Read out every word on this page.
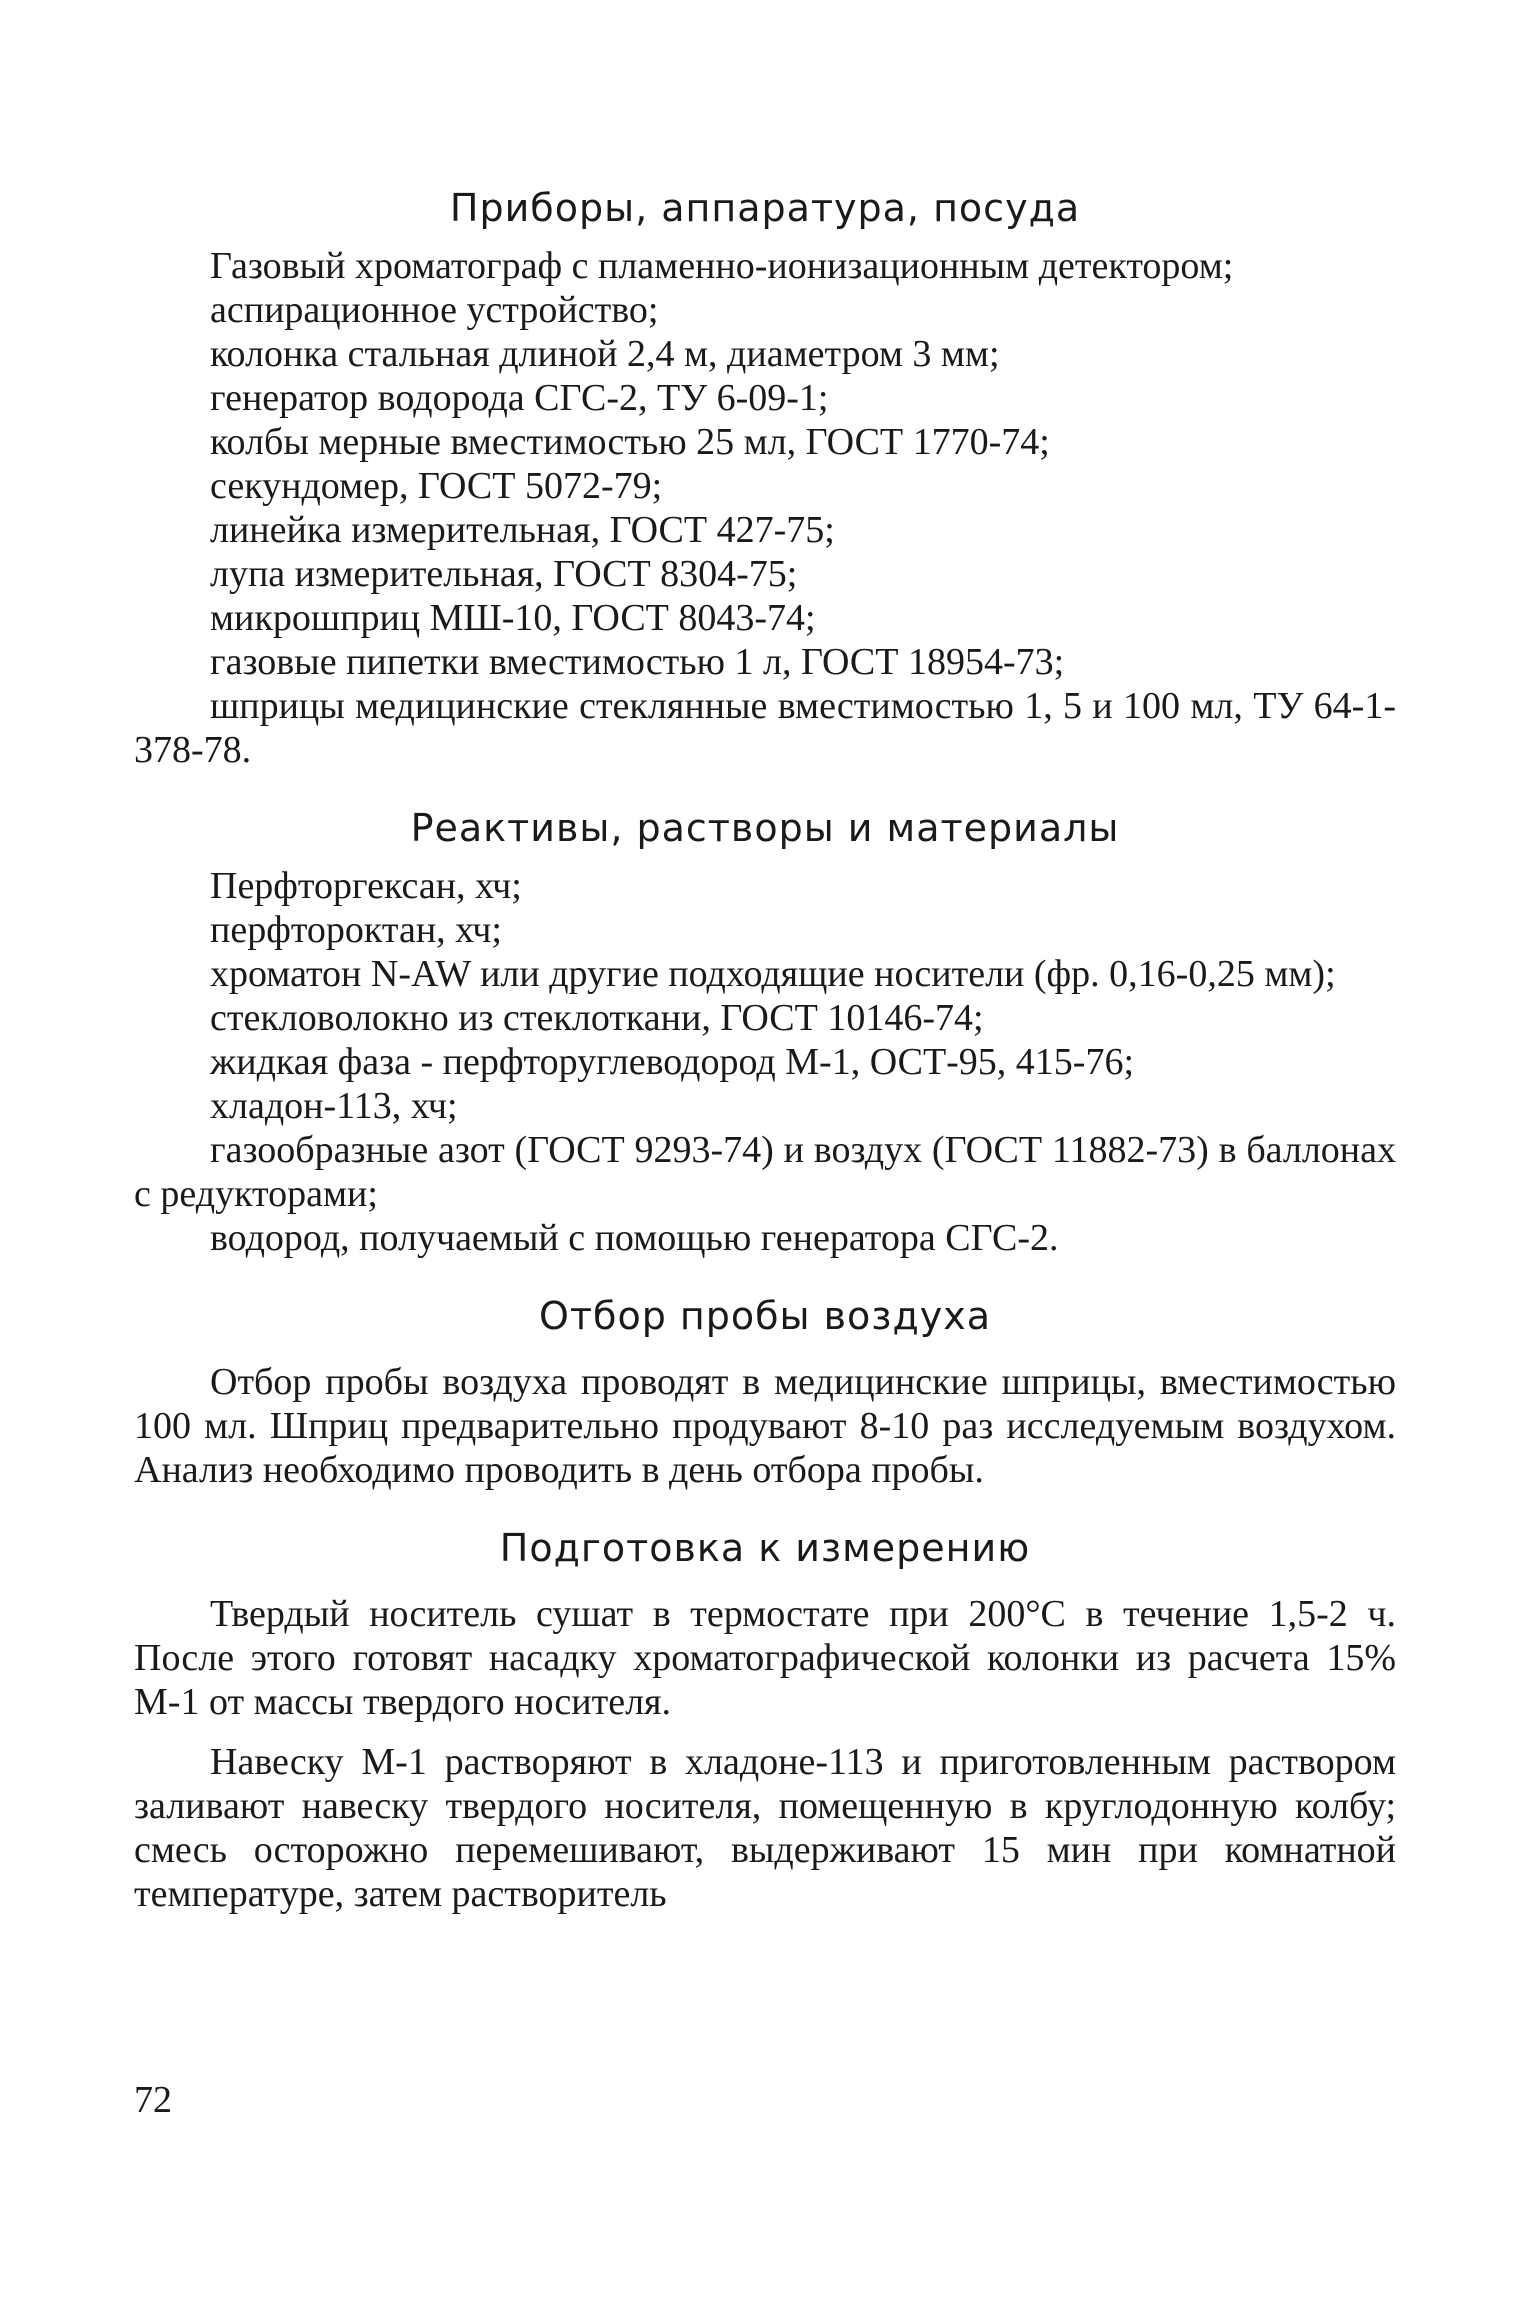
Приборы, аппаратура, посуда
Газовый хроматограф с пламенно-ионизационным детектором;
аспирационное устройство;
колонка стальная длиной 2,4 м, диаметром 3 мм;
генератор водорода СГС-2, ТУ 6-09-1;
колбы мерные вместимостью 25 мл, ГОСТ 1770-74;
секундомер, ГОСТ 5072-79;
линейка измерительная, ГОСТ 427-75;
лупа измерительная, ГОСТ 8304-75;
микрошприц МШ-10, ГОСТ 8043-74;
газовые пипетки вместимостью 1 л, ГОСТ 18954-73;
шприцы медицинские стеклянные вместимостью 1, 5 и 100 мл, ТУ 64-1-378-78.
Реактивы, растворы и материалы
Перфторгексан, хч;
перфтороктан, хч;
хроматон N-AW или другие подходящие носители (фр. 0,16-0,25 мм);
стекловолокно из стеклоткани, ГОСТ 10146-74;
жидкая фаза - перфторуглеводород М-1, ОСТ-95, 415-76;
хладон-113, хч;
газообразные азот (ГОСТ 9293-74) и воздух (ГОСТ 11882-73) в баллонах с редукторами;
водород, получаемый с помощью генератора СГС-2.
Отбор пробы воздуха

Отбор пробы воздуха проводят в медицинские шприцы, вместимостью 100 мл. Шприц предварительно продувают 8-10 раз исследуемым воздухом. Анализ необходимо проводить в день отбора пробы.

Подготовка к измерению

Твердый носитель сушат в термостате при 200°С в течение 1,5-2 ч. После этого готовят насадку хроматографической колонки из расчета 15% М-1 от массы твердого носителя.

Навеску М-1 растворяют в хладоне-113 и приготовленным раствором заливают навеску твердого носителя, помещенную в круглодонную колбу; смесь осторожно перемешивают, выдерживают 15 мин при комнатной температуре, затем растворитель

72
